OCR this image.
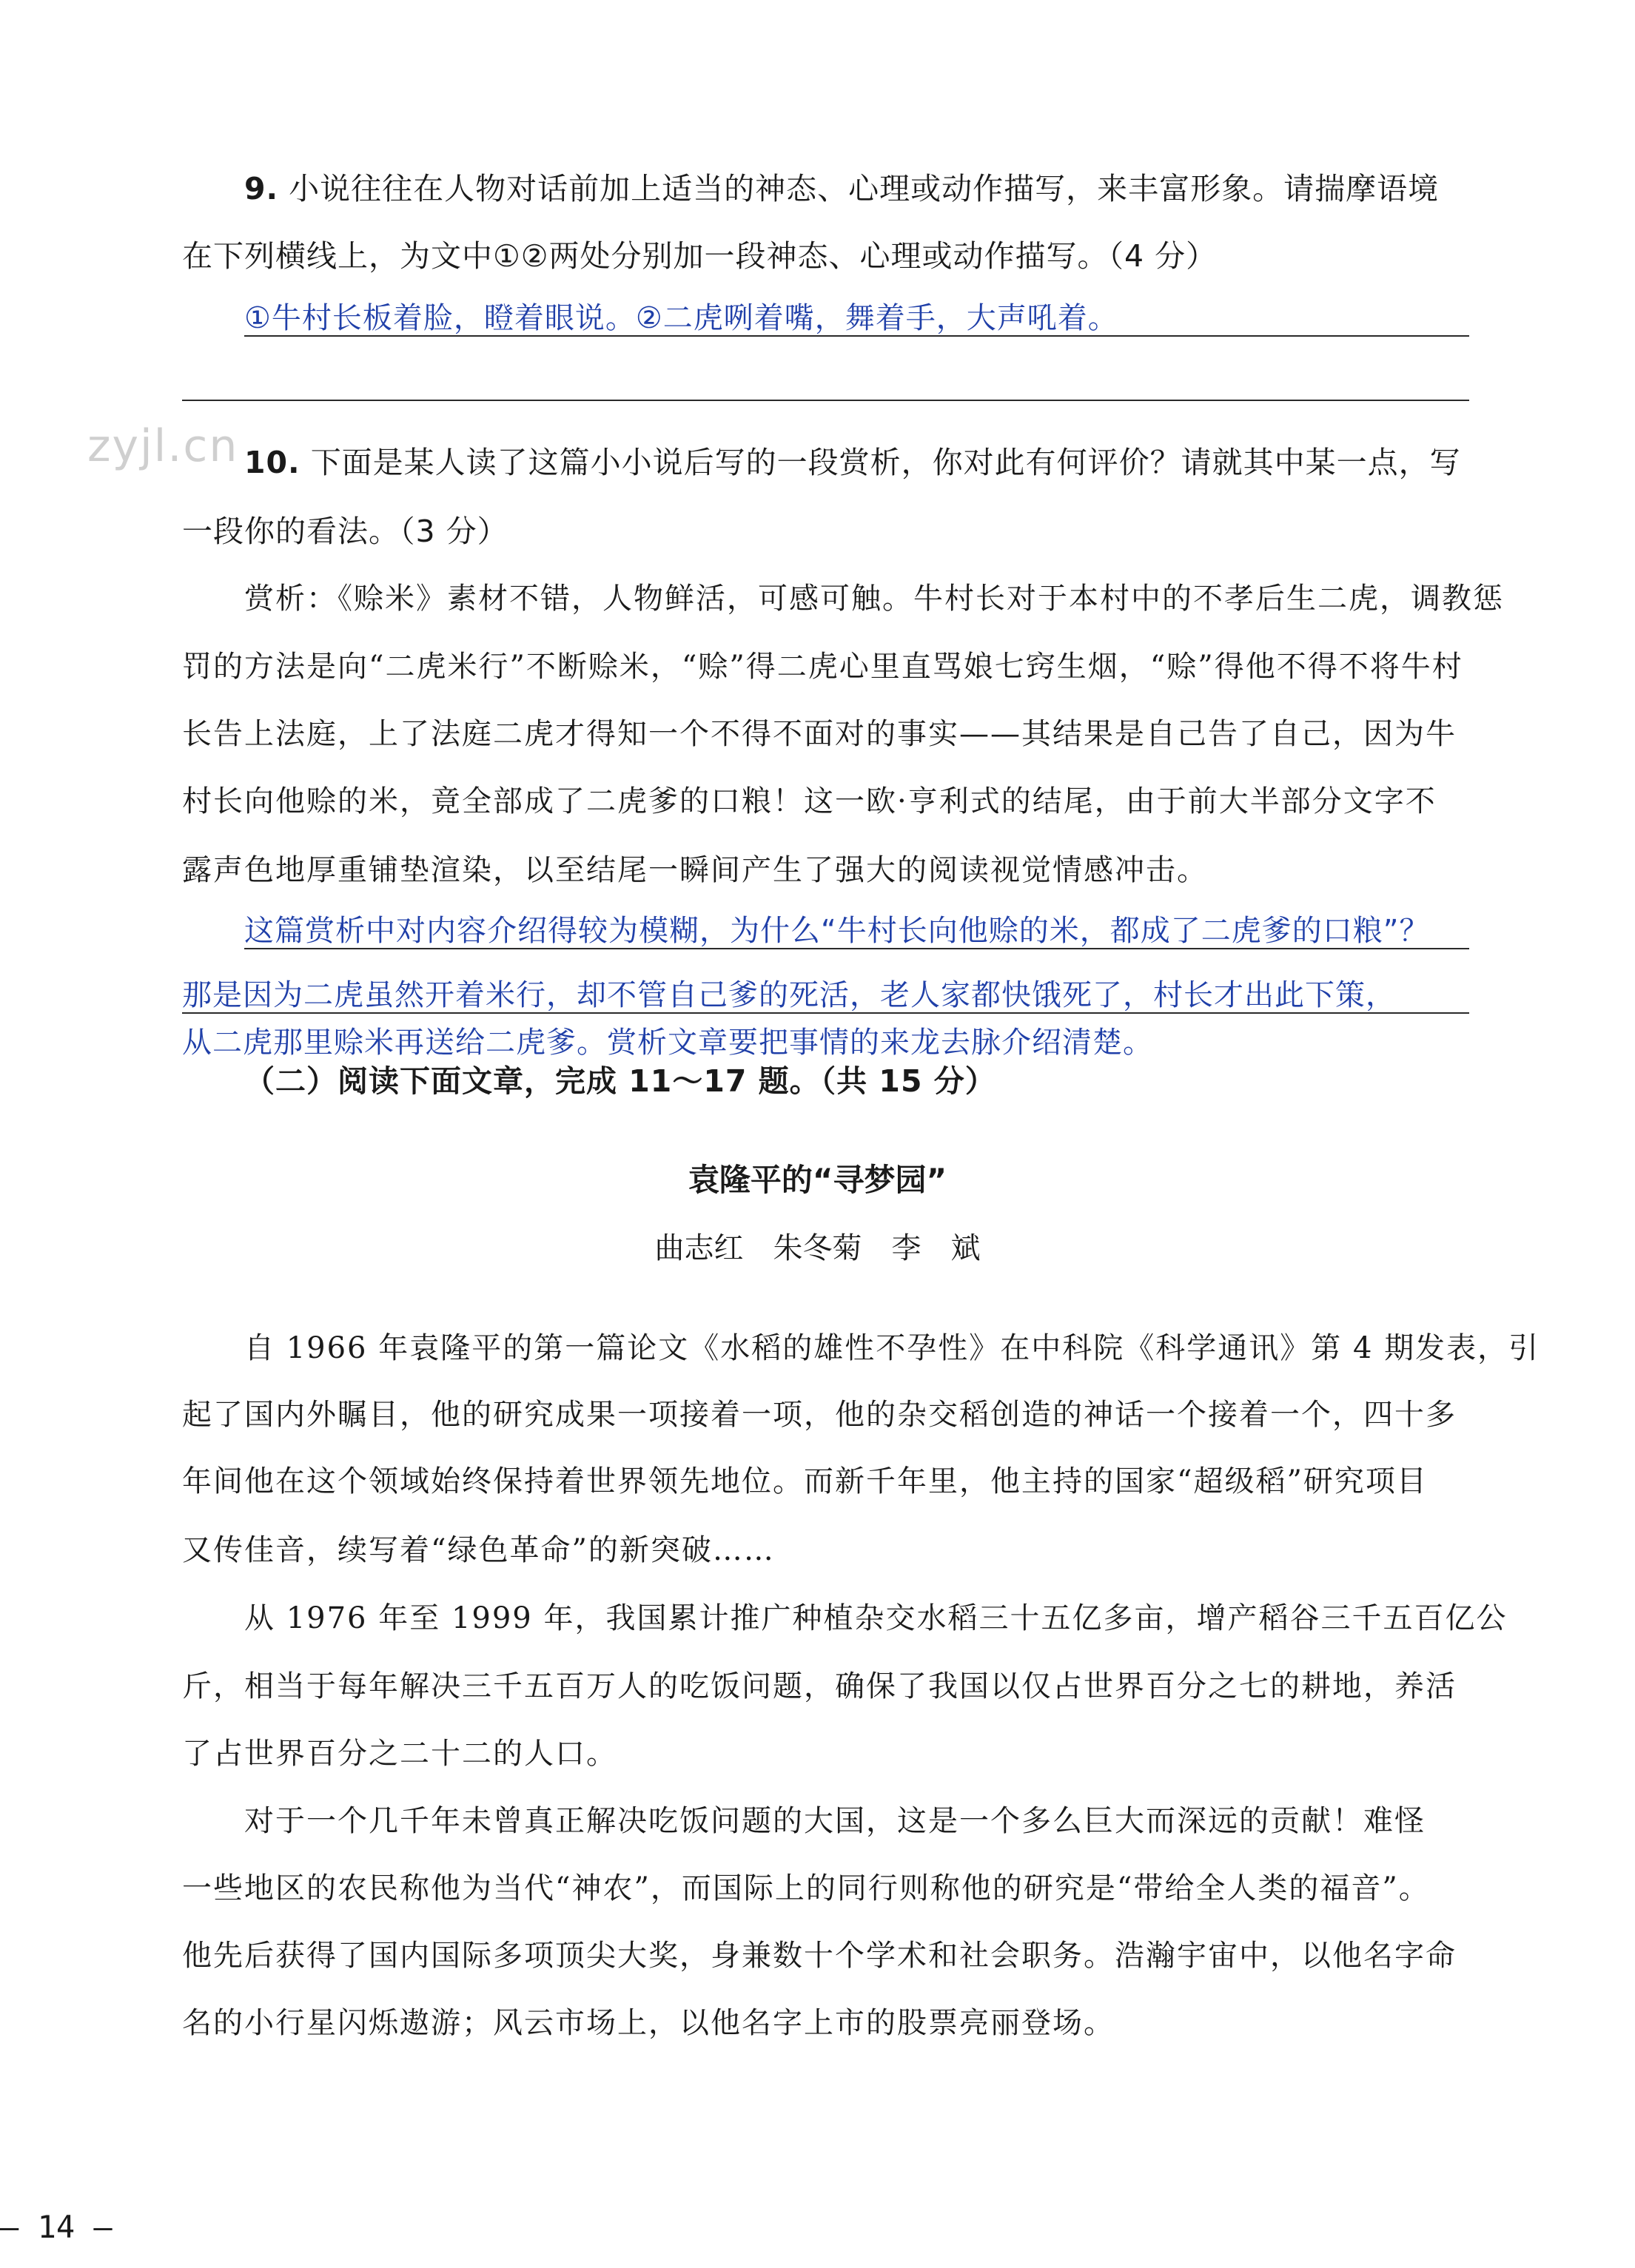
9. 小说往往在人物对话前加上适当的神态、心理或动作描写，来丰富形象。请揣摩语境
在下列横线上，为文中①②两处分别加一段神态、心理或动作描写。（4 分）
①牛村长板着脸，瞪着眼说。②二虎咧着嘴，舞着手，大声吼着。
zyjl.cn 10. 下面是某人读了这篇小小说后写的一段赏析，你对此有何评价？请就其中某一点，写
一段你的看法。（3 分）
赏析：《赊米》素材不错，人物鲜活，可感可触。牛村长对于本村中的不孝后生二虎，调教惩
罚的方法是向“二虎米行”不断赊米，“赊”得二虎心里直骂娘七窍生烟，“赊”得他不得不将牛村
长告上法庭，上了法庭二虎才得知一个不得不面对的事实——其结果是自己告了自己，因为牛
村长向他赊的米，竟全部成了二虎爹的口粮！这一欧·亨利式的结尾，由于前大半部分文字不
露声色地厚重铺垫渲染，以至结尾一瞬间产生了强大的阅读视觉情感冲击。
这篇赏析中对内容介绍得较为模糊，为什么“牛村长向他赊的米，都成了二虎爹的口粮”？
那是因为二虎虽然开着米行，却不管自己爹的死活，老人家都快饿死了，村长才出此下策，
从二虎那里赊米再送给二虎爹。赏析文章要把事情的来龙去脉介绍清楚。
（二）阅读下面文章，完成 11～17 题。（共 15 分）
袁隆平的“寻梦园”
曲志红　朱冬菊　李　斌
自 1966 年袁隆平的第一篇论文《水稻的雄性不孕性》在中科院《科学通讯》第 4 期发表，引
起了国内外瞩目，他的研究成果一项接着一项，他的杂交稻创造的神话一个接着一个，四十多
年间他在这个领域始终保持着世界领先地位。而新千年里，他主持的国家“超级稻”研究项目
又传佳音，续写着“绿色革命”的新突破……
从 1976 年至 1999 年，我国累计推广种植杂交水稻三十五亿多亩，增产稻谷三千五百亿公
斤，相当于每年解决三千五百万人的吃饭问题，确保了我国以仅占世界百分之七的耕地，养活
了占世界百分之二十二的人口。
对于一个几千年未曾真正解决吃饭问题的大国，这是一个多么巨大而深远的贡献！难怪
一些地区的农民称他为当代“神农”，而国际上的同行则称他的研究是“带给全人类的福音”。
他先后获得了国内国际多项顶尖大奖，身兼数十个学术和社会职务。浩瀚宇宙中，以他名字命
名的小行星闪烁遨游；风云市场上，以他名字上市的股票亮丽登场。
— 14 —
